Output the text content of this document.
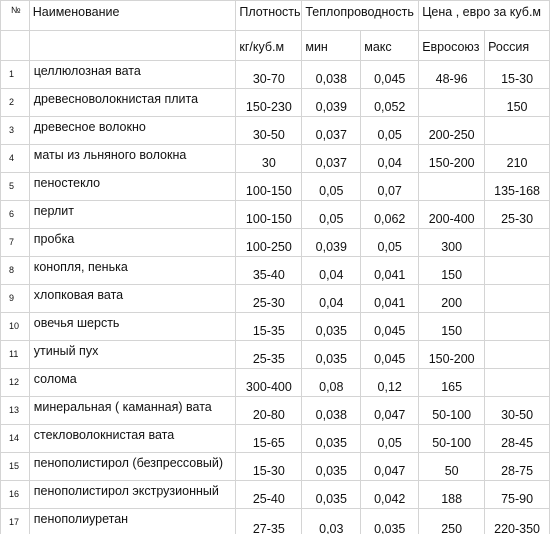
№	Наименование	Плотность	Теплопроводность		Цена , евро за куб.м	
		кг/куб.м	мин	макс	Евросоюз	Россия
1	целлюлозная вата	30-70	0,038	0,045	48-96	15-30
2	древесноволокнистая плита	150-230	0,039	0,052		150
3	древесное волокно	30-50	0,037	0,05	200-250	
4	маты из льняного волокна	30	0,037	0,04	150-200	210
5	пеностекло	100-150	0,05	0,07		135-168
6	перлит	100-150	0,05	0,062	200-400	25-30
7	пробка	100-250	0,039	0,05	300	
8	конопля, пенька	35-40	0,04	0,041	150	
9	хлопковая вата	25-30	0,04	0,041	200	
10	овечья шерсть	15-35	0,035	0,045	150	
11	утиный пух	25-35	0,035	0,045	150-200	
12	солома	300-400	0,08	0,12	165	
13	минеральная ( каманная) вата	20-80	0,038	0,047	50-100	30-50
14	стекловолокнистая вата	15-65	0,035	0,05	50-100	28-45
15	пенополистирол (безпрессовый)	15-30	0,035	0,047	50	28-75
16	пенополистирол экструзионный	25-40	0,035	0,042	188	75-90
17	пенополиуретан	27-35	0,03	0,035	250	220-350
